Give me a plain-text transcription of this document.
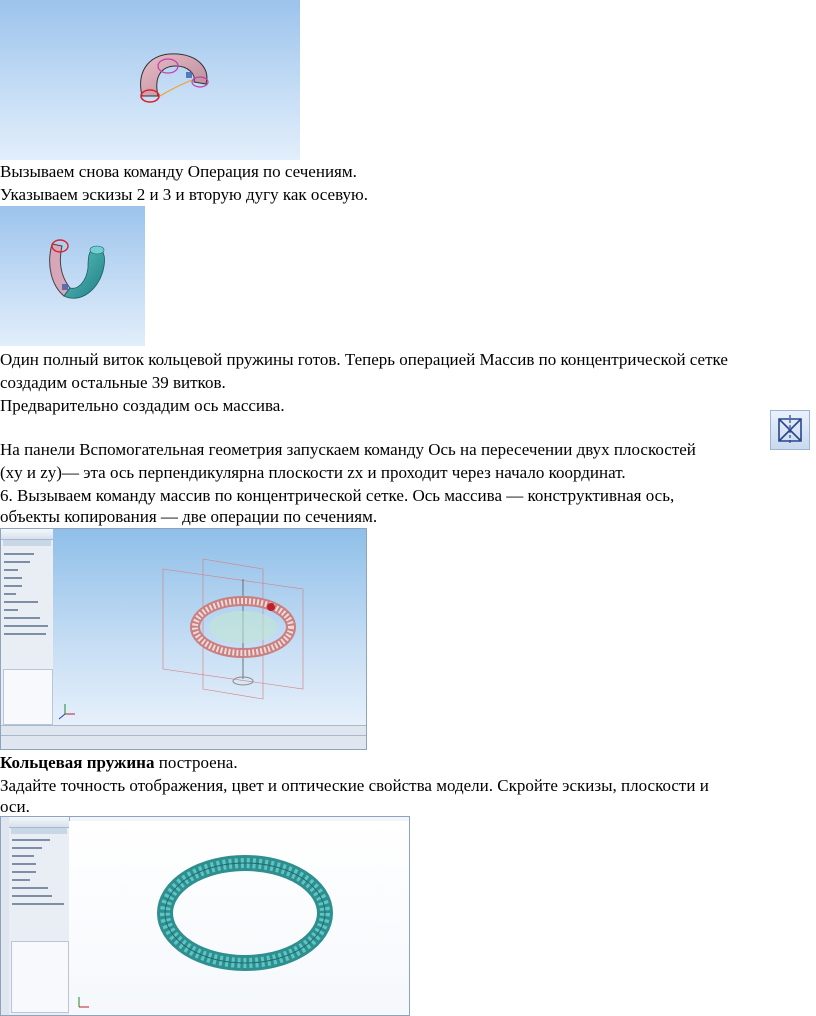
Вызываем снова команду Операция по сечениям.
Указываем эскизы 2 и 3 и вторую дугу как осевую.
Один полный виток кольцевой пружины готов. Теперь операцией Массив по концентрической сетке
создадим остальные 39 витков.
Предварительно создадим ось массива.
На панели Вспомогательная геометрия запускаем команду Ось на пересечении двух плоскостей
(xy и zy)— эта ось перпендикулярна плоскости zx и проходит через начало координат.
6. Вызываем команду массив по концентрической сетке. Ось массива — конструктивная ось,
объекты копирования — две операции по сечениям.
Кольцевая пружина построена.
Задайте точность отображения, цвет и оптические свойства модели. Скройте эскизы, плоскости и
оси.
